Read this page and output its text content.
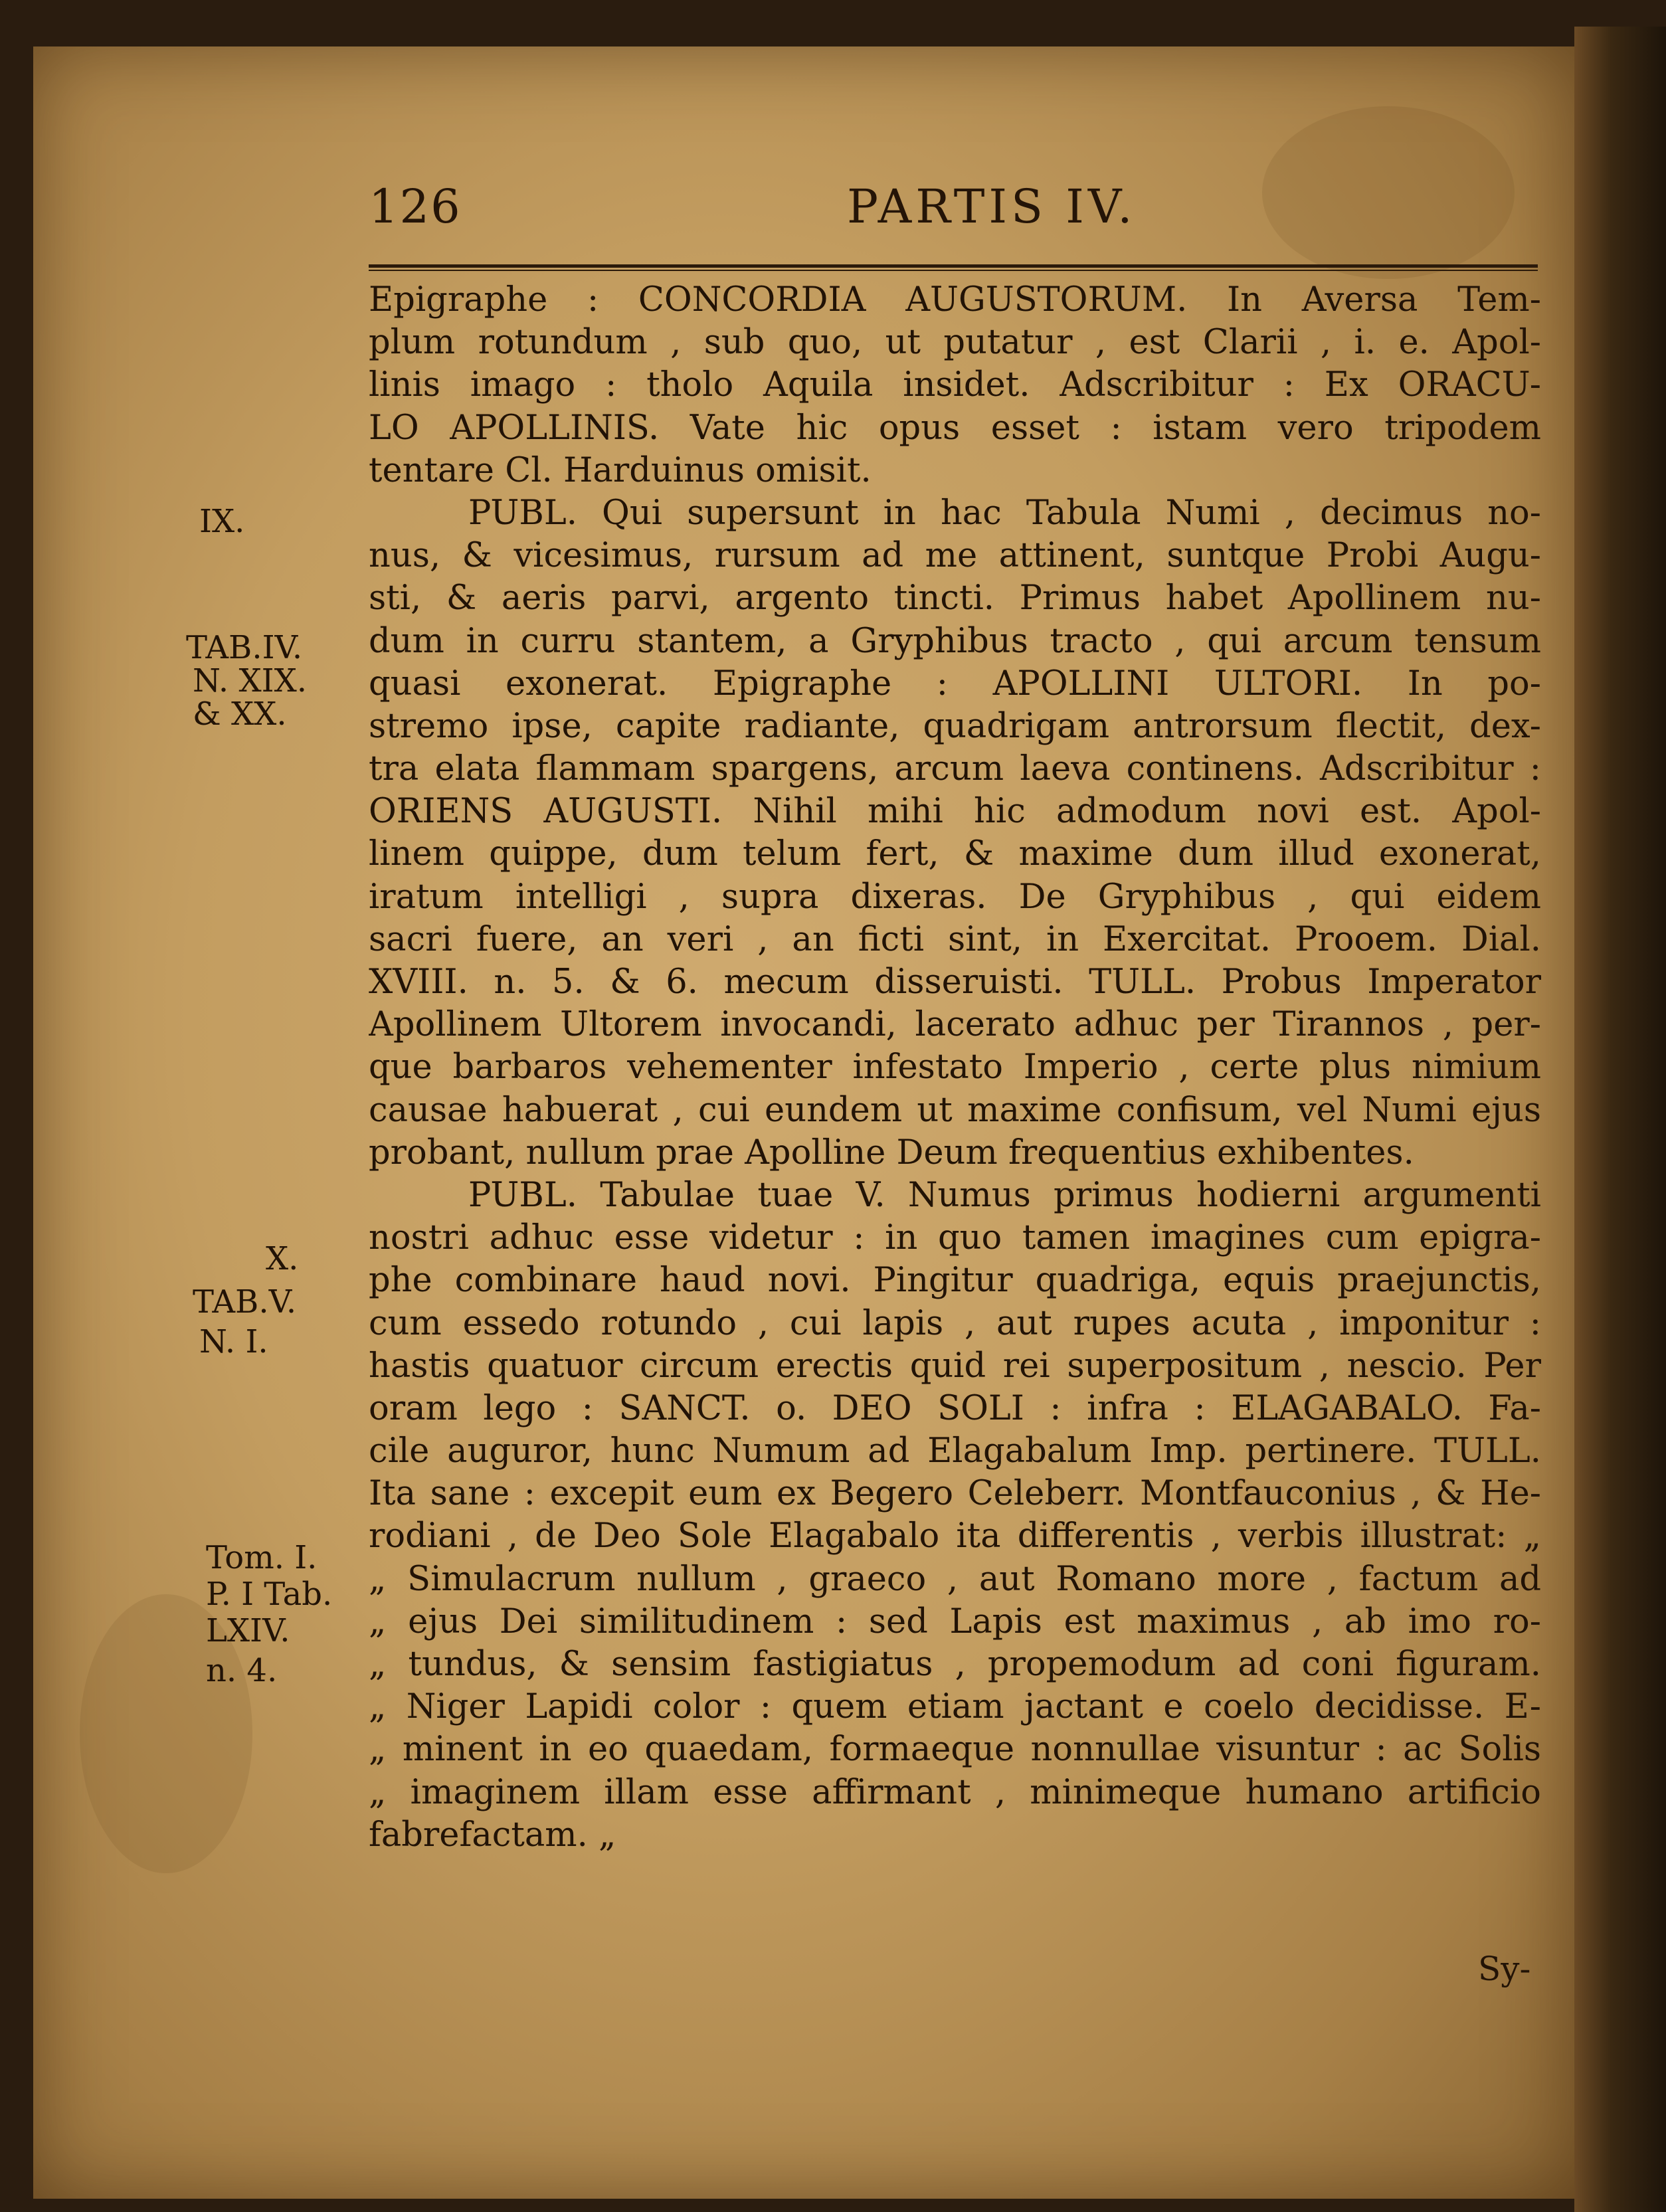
126	PARTIS IV.
IX.
TAB.IV.
N. XIX.
& XX.
X.
TAB.V.
N. I.
Tom. I.
P. I Tab.
LXIV.
n. 4.
Epigraphe : CONCORDIA AUGUSTORUM. In Aversa Tem-
plum rotundum , sub quo, ut putatur , est Clarii , i. e. Apol-
linis imago : tholo Aquila insidet. Adscribitur : Ex ORACU-
LO APOLLINIS. Vate hic opus esset : istam vero tripodem
tentare Cl. Harduinus omisit.
PUBL. Qui supersunt in hac Tabula Numi , decimus no-
nus, & vicesimus, rursum ad me attinent, suntque Probi Augu-
sti, & aeris parvi, argento tincti. Primus habet Apollinem nu-
dum in curru stantem, a Gryphibus tracto , qui arcum tensum
quasi exonerat. Epigraphe : APOLLINI ULTORI. In po-
stremo ipse, capite radiante, quadrigam antrorsum flectit, dex-
tra elata flammam spargens, arcum laeva continens. Adscribitur :
ORIENS AUGUSTI. Nihil mihi hic admodum novi est. Apol-
linem quippe, dum telum fert, & maxime dum illud exonerat,
iratum intelligi , supra dixeras. De Gryphibus , qui eidem
sacri fuere, an veri , an ficti sint, in Exercitat. Prooem. Dial.
XVIII. n. 5. & 6. mecum disseruisti. TULL. Probus Imperator
Apollinem Ultorem invocandi, lacerato adhuc per Tirannos , per-
que barbaros vehementer infestato Imperio , certe plus nimium
causae habuerat , cui eundem ut maxime confisum, vel Numi ejus
probant, nullum prae Apolline Deum frequentius exhibentes.
PUBL. Tabulae tuae V. Numus primus hodierni argumenti
nostri adhuc esse videtur : in quo tamen imagines cum epigra-
phe combinare haud novi. Pingitur quadriga, equis praejunctis,
cum essedo rotundo , cui lapis , aut rupes acuta , imponitur :
hastis quatuor circum erectis quid rei superpositum , nescio. Per
oram lego : SANCT. o. DEO SOLI : infra : ELAGABALO. Fa-
cile auguror, hunc Numum ad Elagabalum Imp. pertinere. TULL.
Ita sane : excepit eum ex Begero Celeberr. Montfauconius , & He-
rodiani , de Deo Sole Elagabalo ita differentis , verbis illustrat: „
„ Simulacrum nullum , graeco , aut Romano more , factum ad
„ ejus Dei similitudinem : sed Lapis est maximus , ab imo ro-
„ tundus, & sensim fastigiatus , propemodum ad coni figuram.
„ Niger Lapidi color : quem etiam jactant e coelo decidisse. E-
„ minent in eo quaedam, formaeque nonnullae visuntur : ac Solis
„ imaginem illam esse affirmant , minimeque humano artificio
fabrefactam. „
Sy-
